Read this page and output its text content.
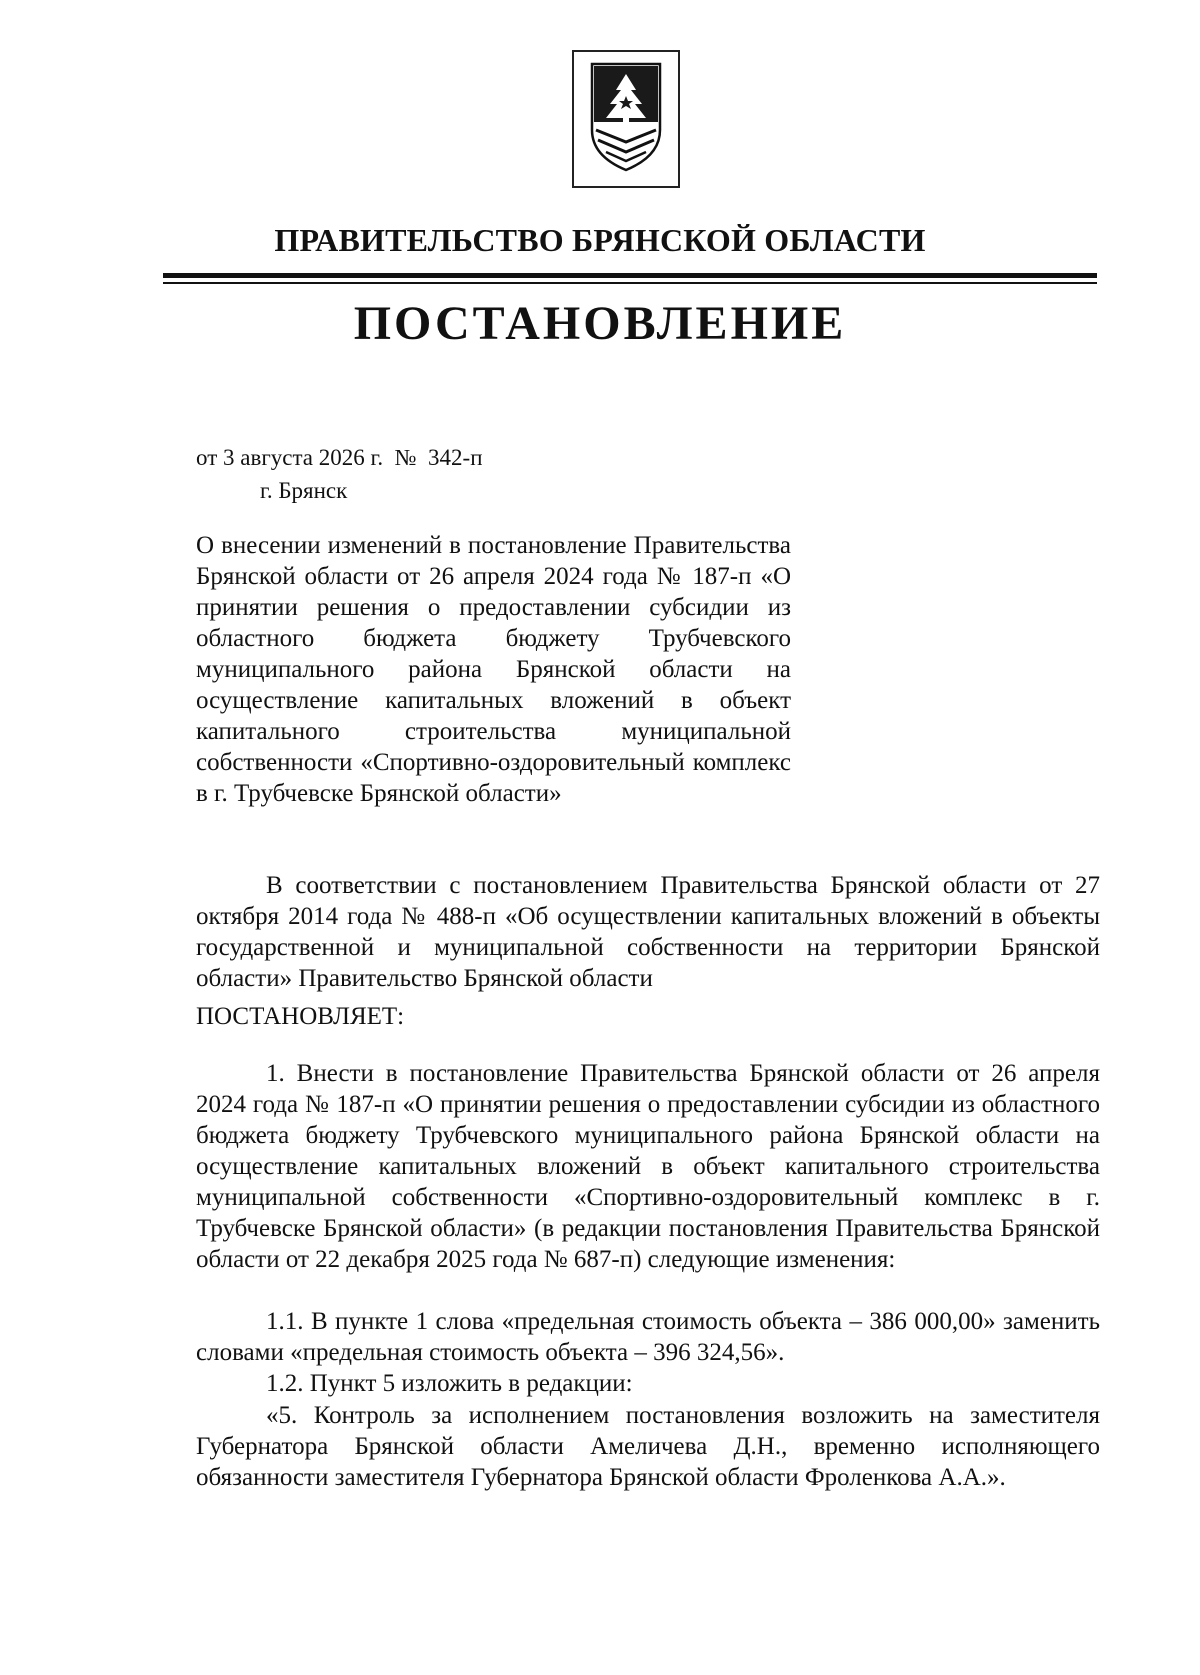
ПРАВИТЕЛЬСТВО БРЯНСКОЙ ОБЛАСТИ
ПОСТАНОВЛЕНИЕ
от 3 августа 2026 г.  №  342-п
г. Брянск
О внесении изменений в постановление Правительства Брянской области от 26 апреля 2024 года № 187-п «О принятии решения о предоставлении субсидии из областного бюджета бюджету Трубчевского муниципального района Брянской области на осуществление капитальных вложений в объект капитального строительства муниципальной собственности «Спортивно-оздоровительный комплекс в г. Трубчевске Брянской области»
В соответствии с постановлением Правительства Брянской области от 27 октября 2014 года № 488-п «Об осуществлении капитальных вложений в объекты государственной и муниципальной собственности на территории Брянской области» Правительство Брянской области
ПОСТАНОВЛЯЕТ:
1. Внести в постановление Правительства Брянской области от 26 апреля 2024 года № 187-п «О принятии решения о предоставлении субсидии из областного бюджета бюджету Трубчевского муниципального района Брянской области на осуществление капитальных вложений в объект капитального строительства муниципальной собственности «Спортивно-оздоровительный комплекс в г. Трубчевске Брянской области» (в редакции постановления Правительства Брянской области от 22 декабря 2025 года № 687-п) следующие изменения:
1.1. В пункте 1 слова «предельная стоимость объекта – 386 000,00» заменить словами «предельная стоимость объекта – 396 324,56».
1.2. Пункт 5 изложить в редакции:
«5. Контроль за исполнением постановления возложить на заместителя Губернатора Брянской области Амеличева Д.Н., временно исполняющего обязанности заместителя Губернатора Брянской области Фроленкова А.А.».
